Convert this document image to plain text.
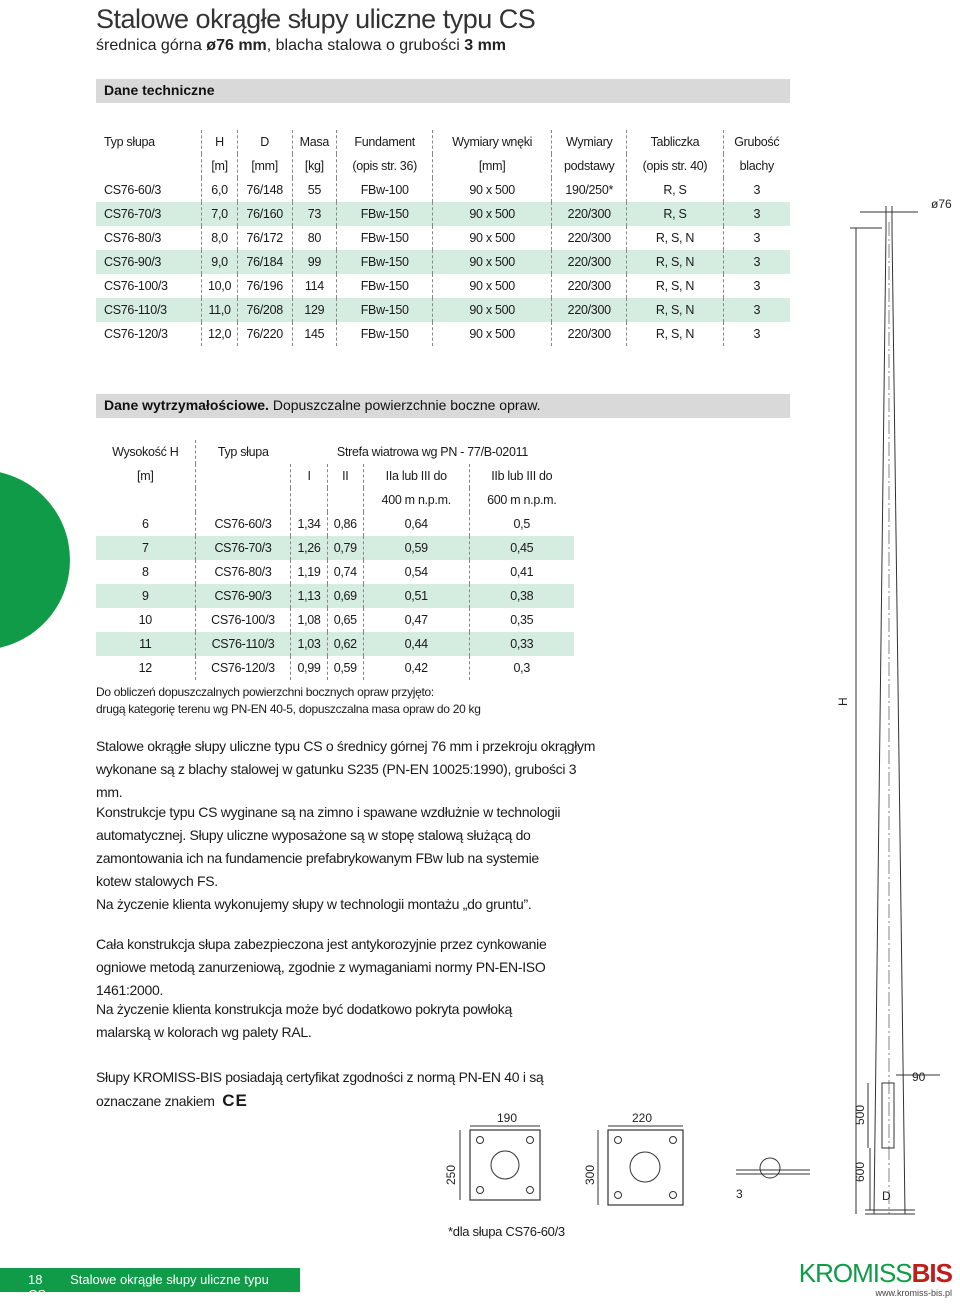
Stalowe okrągłe słupy uliczne typu CS
średnica górna ø76 mm, blacha stalowa o grubości 3 mm
Dane techniczne
Typ słupa	H	D	Masa	Fundament	Wymiary wnęki	Wymiary	Tabliczka	Grubość
	[m]	[mm]	[kg]	(opis str. 36)	[mm]	podstawy	(opis str. 40)	blachy
CS76-60/3	6,0	76/148	55	FBw-100	90 x 500	190/250*	R, S	3
CS76-70/3	7,0	76/160	73	FBw-150	90 x 500	220/300	R, S	3
CS76-80/3	8,0	76/172	80	FBw-150	90 x 500	220/300	R, S, N	3
CS76-90/3	9,0	76/184	99	FBw-150	90 x 500	220/300	R, S, N	3
CS76-100/3	10,0	76/196	114	FBw-150	90 x 500	220/300	R, S, N	3
CS76-110/3	11,0	76/208	129	FBw-150	90 x 500	220/300	R, S, N	3
CS76-120/3	12,0	76/220	145	FBw-150	90 x 500	220/300	R, S, N	3
Dane wytrzymałościowe. Dopuszczalne powierzchnie boczne opraw.
Wysokość H	Typ słupa	Strefa wiatrowa wg PN - 77/B-02011			
[m]		I	II	IIa lub III do	IIb lub III do
				400 m n.p.m.	600 m n.p.m.
6	CS76-60/3	1,34	0,86	0,64	0,5
7	CS76-70/3	1,26	0,79	0,59	0,45
8	CS76-80/3	1,19	0,74	0,54	0,41
9	CS76-90/3	1,13	0,69	0,51	0,38
10	CS76-100/3	1,08	0,65	0,47	0,35
11	CS76-110/3	1,03	0,62	0,44	0,33
12	CS76-120/3	0,99	0,59	0,42	0,3
Do obliczeń dopuszczalnych powierzchni bocznych opraw przyjęto:
drugą kategorię terenu wg PN-EN 40-5, dopuszczalna masa opraw do 20 kg
Stalowe okrągłe słupy uliczne typu CS o średnicy górnej 76 mm i przekroju okrągłym wykonane są z blachy stalowej w gatunku S235 (PN-EN 10025:1990), grubości 3 mm.
Konstrukcje typu CS wyginane są na zimno i spawane wzdłużnie w technologii automatycznej. Słupy uliczne wyposażone są w stopę stalową służącą do zamontowania ich na fundamencie prefabrykowanym FBw lub na systemie kotew stalowych FS.
Na życzenie klienta wykonujemy słupy w technologii montażu „do gruntu”.
Cała konstrukcja słupa zabezpieczona jest antykorozyjnie przez cynkowanie ogniowe metodą zanurzeniową, zgodnie z wymaganiami normy PN-EN-ISO 1461:2000.
Na życzenie klienta konstrukcja może być dodatkowo pokryta powłoką malarską w kolorach wg palety RAL.
Słupy KROMISS-BIS posiadają certyfikat zgodności z normą PN-EN 40 i są oznaczane znakiem CE
H
190	220
250	300
3
500
600
90
D
ø76
*dla słupa CS76-60/3
18 Stalowe okrągłe słupy uliczne typu CS
KROMISSBIS
www.kromiss-bis.pl
